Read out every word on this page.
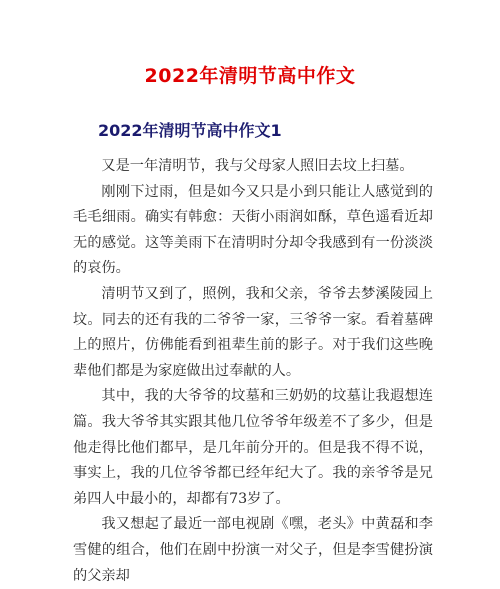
2022年清明节高中作文
2022年清明节高中作文1

又是一年清明节，我与父母家人照旧去坟上扫墓。

刚刚下过雨，但是如今又只是小到只能让人感觉到的毛毛细雨。确实有韩愈：天街小雨润如酥，草色遥看近却无的感觉。这等美雨下在清明时分却令我感到有一份淡淡的哀伤。

清明节又到了，照例，我和父亲，爷爷去梦溪陵园上坟。同去的还有我的二爷爷一家，三爷爷一家。看着墓碑上的照片，仿佛能看到祖辈生前的影子。对于我们这些晚辈他们都是为家庭做出过奉献的人。

其中，我的大爷爷的坟墓和三奶奶的坟墓让我遐想连篇。我大爷爷其实跟其他几位爷爷年级差不了多少，但是他走得比他们都早，是几年前分开的。但是我不得不说，事实上，我的几位爷爷都已经年纪大了。我的亲爷爷是兄弟四人中最小的，却都有73岁了。

我又想起了最近一部电视剧《嘿，老头》中黄磊和李雪健的组合，他们在剧中扮演一对父子，但是李雪健扮演的父亲却
